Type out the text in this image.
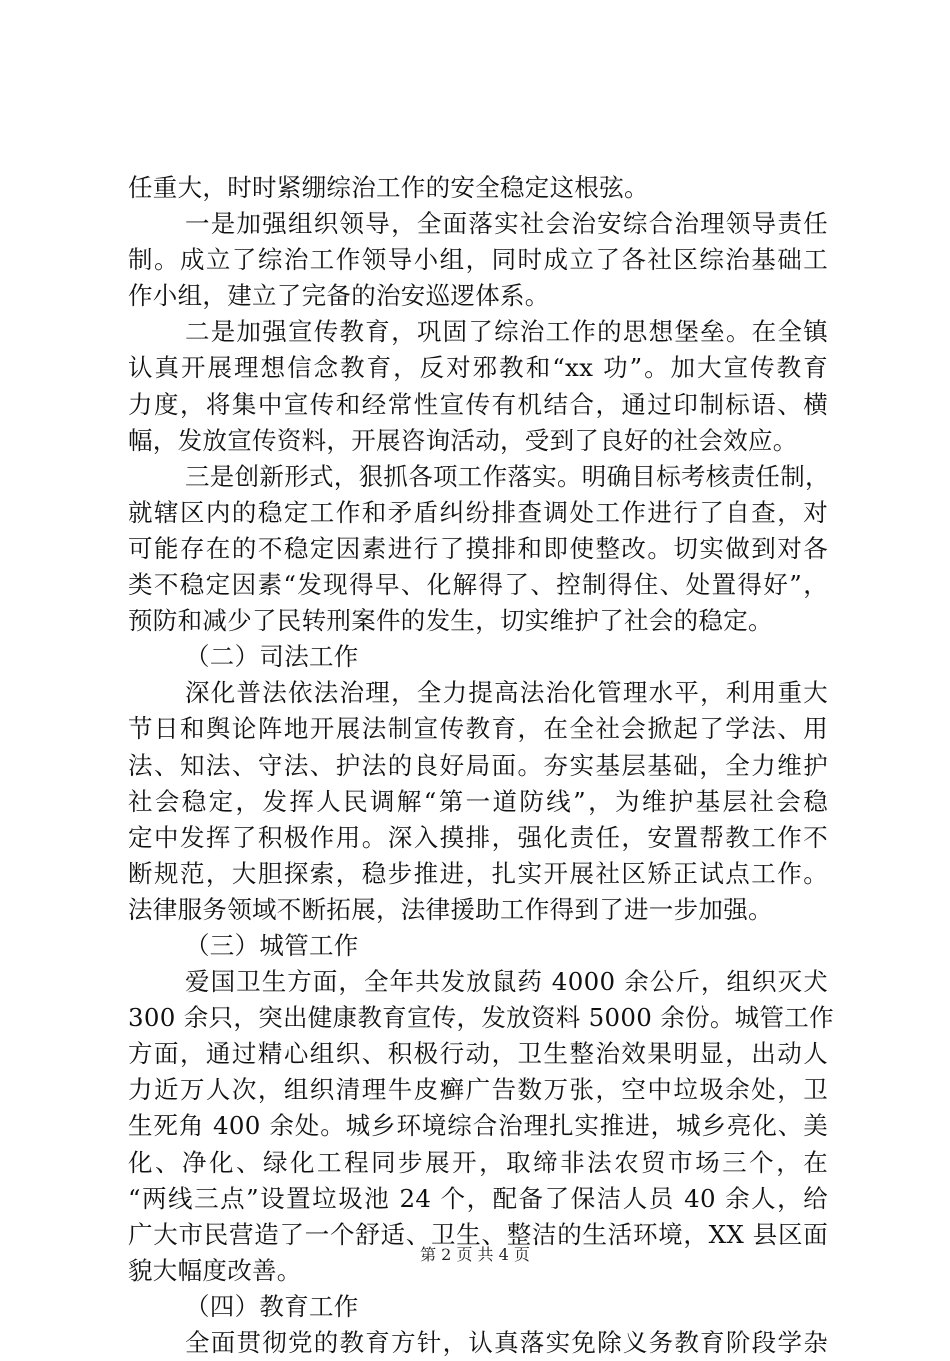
任重大，时时紧绷综治工作的安全稳定这根弦。
一是加强组织领导，全面落实社会治安综合治理领导责任
制。成立了综治工作领导小组，同时成立了各社区综治基础工
作小组，建立了完备的治安巡逻体系。
二是加强宣传教育，巩固了综治工作的思想堡垒。在全镇
认真开展理想信念教育，反对邪教和“xx 功”。加大宣传教育
力度，将集中宣传和经常性宣传有机结合，通过印制标语、横
幅，发放宣传资料，开展咨询活动，受到了良好的社会效应。
三是创新形式，狠抓各项工作落实。明确目标考核责任制，
就辖区内的稳定工作和矛盾纠纷排查调处工作进行了自查，对
可能存在的不稳定因素进行了摸排和即使整改。切实做到对各
类不稳定因素“发现得早、化解得了、控制得住、处置得好”，
预防和减少了民转刑案件的发生，切实维护了社会的稳定。
（二）司法工作
深化普法依法治理，全力提高法治化管理水平，利用重大
节日和舆论阵地开展法制宣传教育，在全社会掀起了学法、用
法、知法、守法、护法的良好局面。夯实基层基础，全力维护
社会稳定，发挥人民调解“第一道防线”，为维护基层社会稳
定中发挥了积极作用。深入摸排，强化责任，安置帮教工作不
断规范，大胆探索，稳步推进，扎实开展社区矫正试点工作。
法律服务领域不断拓展，法律援助工作得到了进一步加强。
（三）城管工作
爱国卫生方面，全年共发放鼠药 4000 余公斤，组织灭犬
300 余只，突出健康教育宣传，发放资料 5000 余份。城管工作
方面，通过精心组织、积极行动，卫生整治效果明显，出动人
力近万人次，组织清理牛皮癣广告数万张，空中垃圾余处，卫
生死角 400 余处。城乡环境综合治理扎实推进，城乡亮化、美
化、净化、绿化工程同步展开，取缔非法农贸市场三个，在
“两线三点”设置垃圾池 24 个，配备了保洁人员 40 余人，给
广大市民营造了一个舒适、卫生、整洁的生活环境，XX 县区面
貌大幅度改善。
（四）教育工作
全面贯彻党的教育方针，认真落实免除义务教育阶段学杂
第 2 页 共 4 页
